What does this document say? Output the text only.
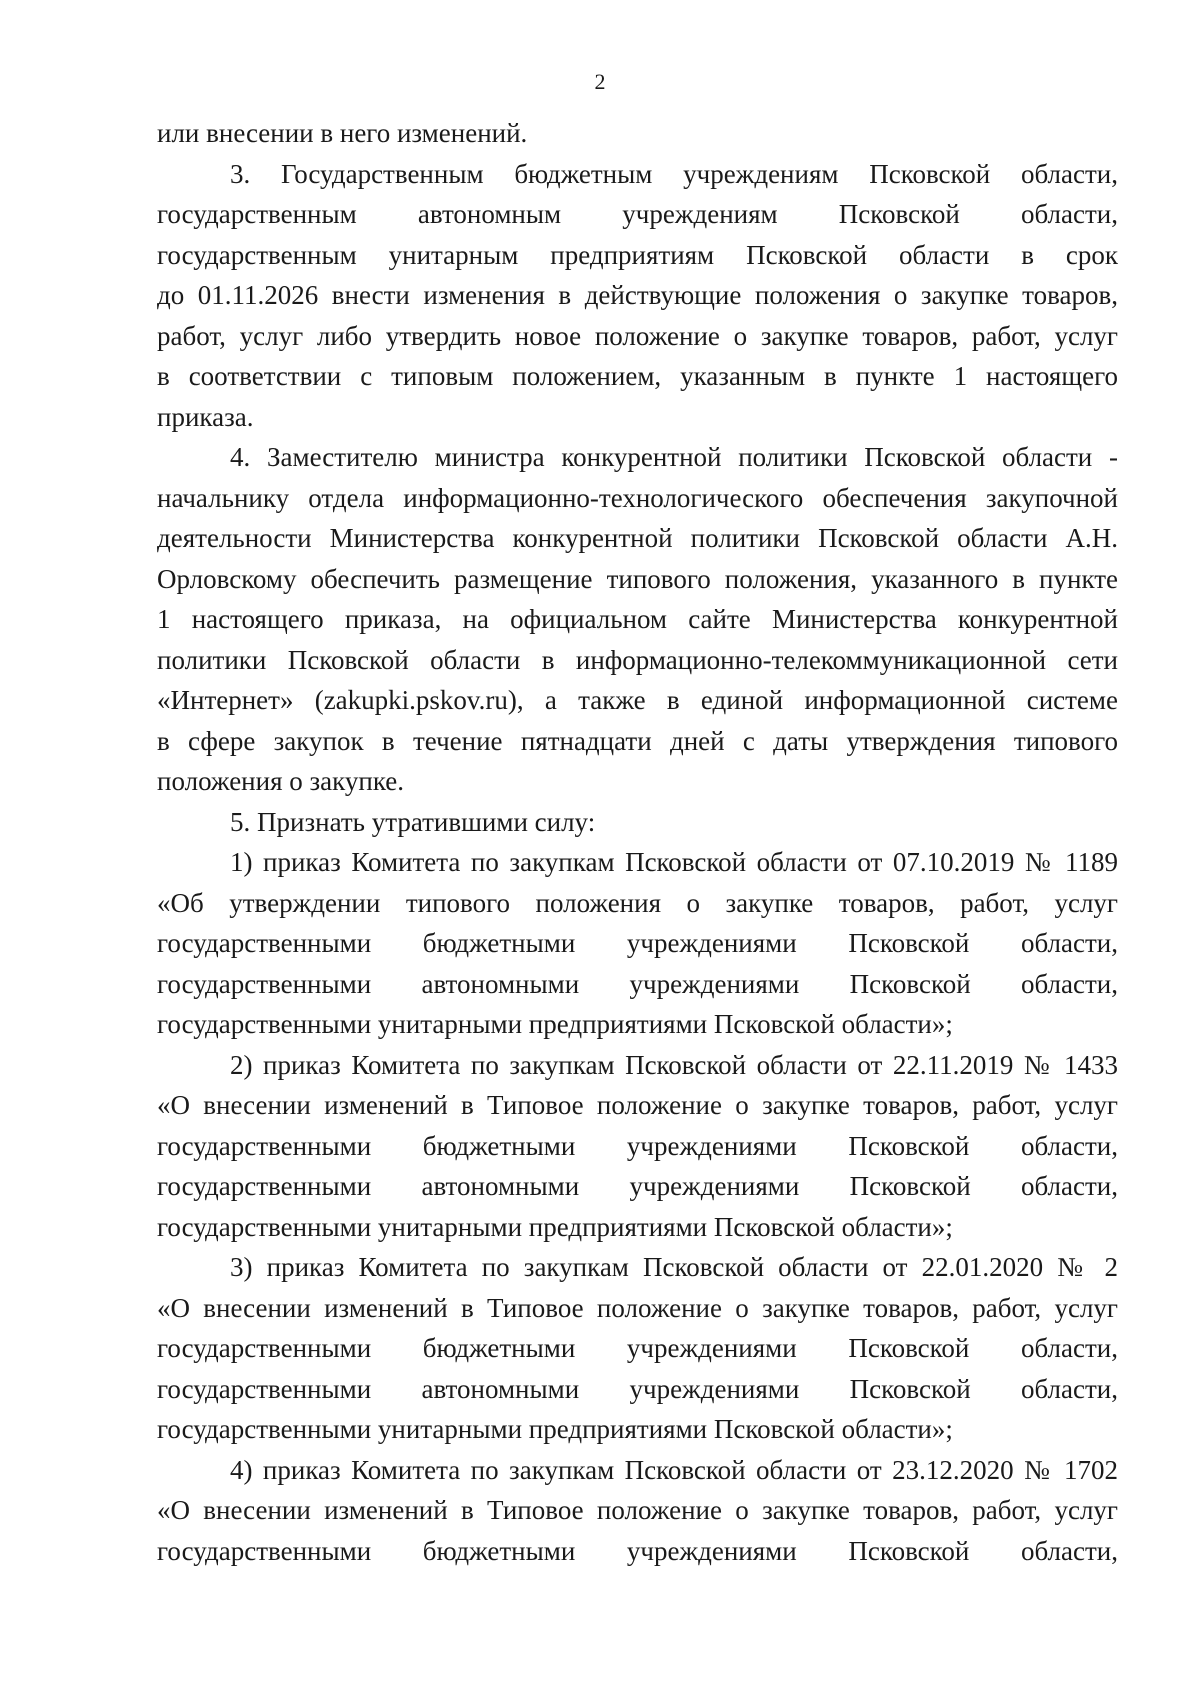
2
или внесении в него изменений.
3. Государственным бюджетным учреждениям Псковской области,
государственным автономным учреждениям Псковской области,
государственным унитарным предприятиям Псковской области в срок
до 01.11.2026 внести изменения в действующие положения о закупке товаров,
работ, услуг либо утвердить новое положение о закупке товаров, работ, услуг
в соответствии с типовым положением, указанным в пункте 1 настоящего
приказа.
4. Заместителю министра конкурентной политики Псковской области -
начальнику отдела информационно-технологического обеспечения закупочной
деятельности Министерства конкурентной политики Псковской области А.Н.
Орловскому обеспечить размещение типового положения, указанного в пункте
1 настоящего приказа, на официальном сайте Министерства конкурентной
политики Псковской области в информационно-телекоммуникационной сети
«Интернет» (zakupki.pskov.ru), а также в единой информационной системе
в сфере закупок в течение пятнадцати дней с даты утверждения типового
положения о закупке.
5. Признать утратившими силу:
1) приказ Комитета по закупкам Псковской области от 07.10.2019 № 1189
«Об утверждении типового положения о закупке товаров, работ, услуг
государственными бюджетными учреждениями Псковской области,
государственными автономными учреждениями Псковской области,
государственными унитарными предприятиями Псковской области»;
2) приказ Комитета по закупкам Псковской области от 22.11.2019 № 1433
«О внесении изменений в Типовое положение о закупке товаров, работ, услуг
государственными бюджетными учреждениями Псковской области,
государственными автономными учреждениями Псковской области,
государственными унитарными предприятиями Псковской области»;
3) приказ Комитета по закупкам Псковской области от 22.01.2020 № 2
«О внесении изменений в Типовое положение о закупке товаров, работ, услуг
государственными бюджетными учреждениями Псковской области,
государственными автономными учреждениями Псковской области,
государственными унитарными предприятиями Псковской области»;
4) приказ Комитета по закупкам Псковской области от 23.12.2020 № 1702
«О внесении изменений в Типовое положение о закупке товаров, работ, услуг
государственными бюджетными учреждениями Псковской области,
